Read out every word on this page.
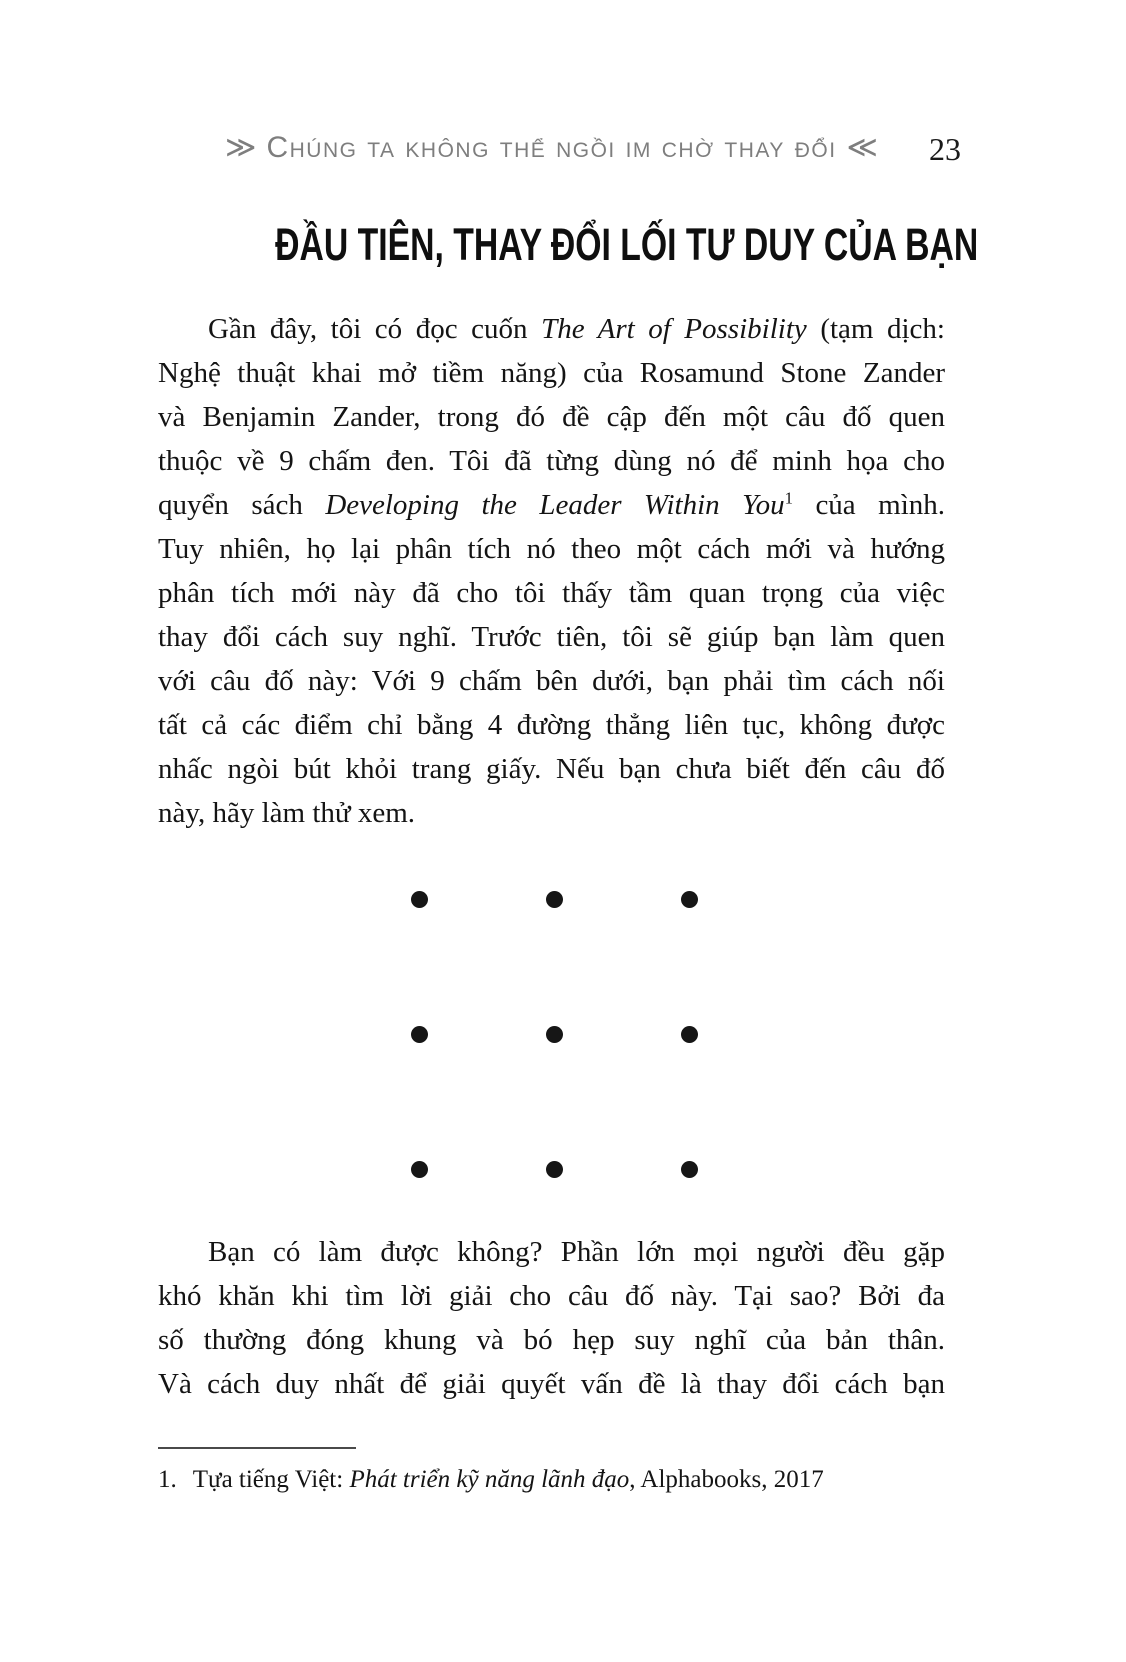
≫ Chúng ta không thể ngồi im chờ thay đổi ≪ 23
ĐẦU TIÊN, THAY ĐỔI LỐI TƯ DUY CỦA BẠN
Gần đây, tôi có đọc cuốn The Art of Possibility (tạm dịch:
Nghệ thuật khai mở tiềm năng) của Rosamund Stone Zander
và Benjamin Zander, trong đó đề cập đến một câu đố quen
thuộc về 9 chấm đen. Tôi đã từng dùng nó để minh họa cho
quyển sách Developing the Leader Within You$^1$ của mình.
Tuy nhiên, họ lại phân tích nó theo một cách mới và hướng
phân tích mới này đã cho tôi thấy tầm quan trọng của việc
thay đổi cách suy nghĩ. Trước tiên, tôi sẽ giúp bạn làm quen
với câu đố này: Với 9 chấm bên dưới, bạn phải tìm cách nối
tất cả các điểm chỉ bằng 4 đường thẳng liên tục, không được
nhấc ngòi bút khỏi trang giấy. Nếu bạn chưa biết đến câu đố
này, hãy làm thử xem.
Bạn có làm được không? Phần lớn mọi người đều gặp
khó khăn khi tìm lời giải cho câu đố này. Tại sao? Bởi đa
số thường đóng khung và bó hẹp suy nghĩ của bản thân.
Và cách duy nhất để giải quyết vấn đề là thay đổi cách bạn
1. Tựa tiếng Việt: Phát triển kỹ năng lãnh đạo, Alphabooks, 2017
